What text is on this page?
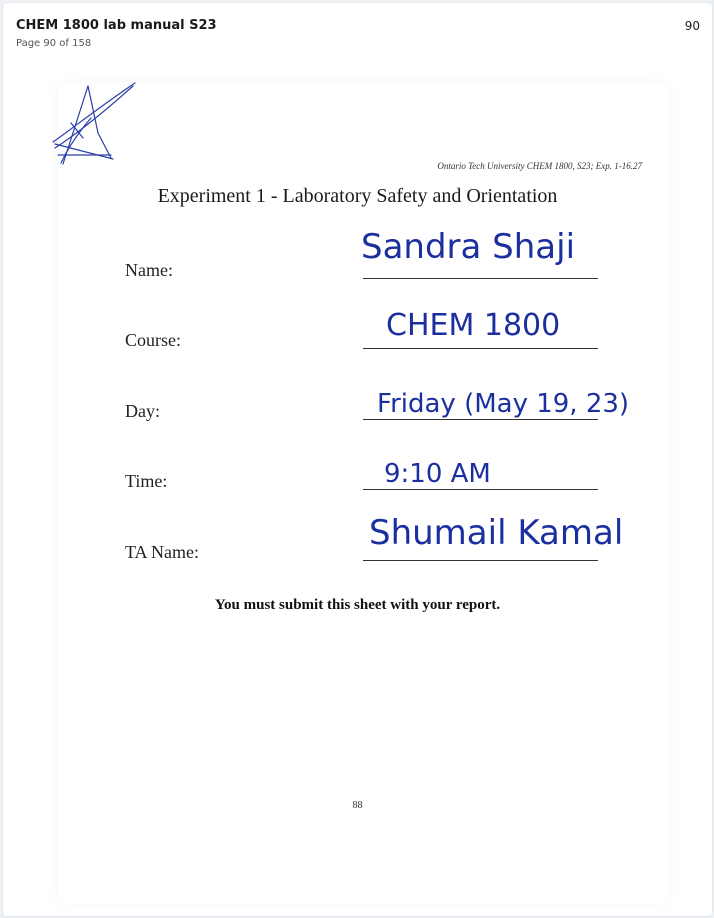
CHEM 1800 lab manual S23
Page 90 of 158
90
Ontario Tech University CHEM 1800, S23; Exp. 1-16.27
Experiment 1 - Laboratory Safety and Orientation
Name:
Sandra Shaji
Course:	CHEM 1800
Day:	Friday (May 19, 23)
Time:	9:10 AM
TA Name:	Shumail Kamal
You must submit this sheet with your report.
88
